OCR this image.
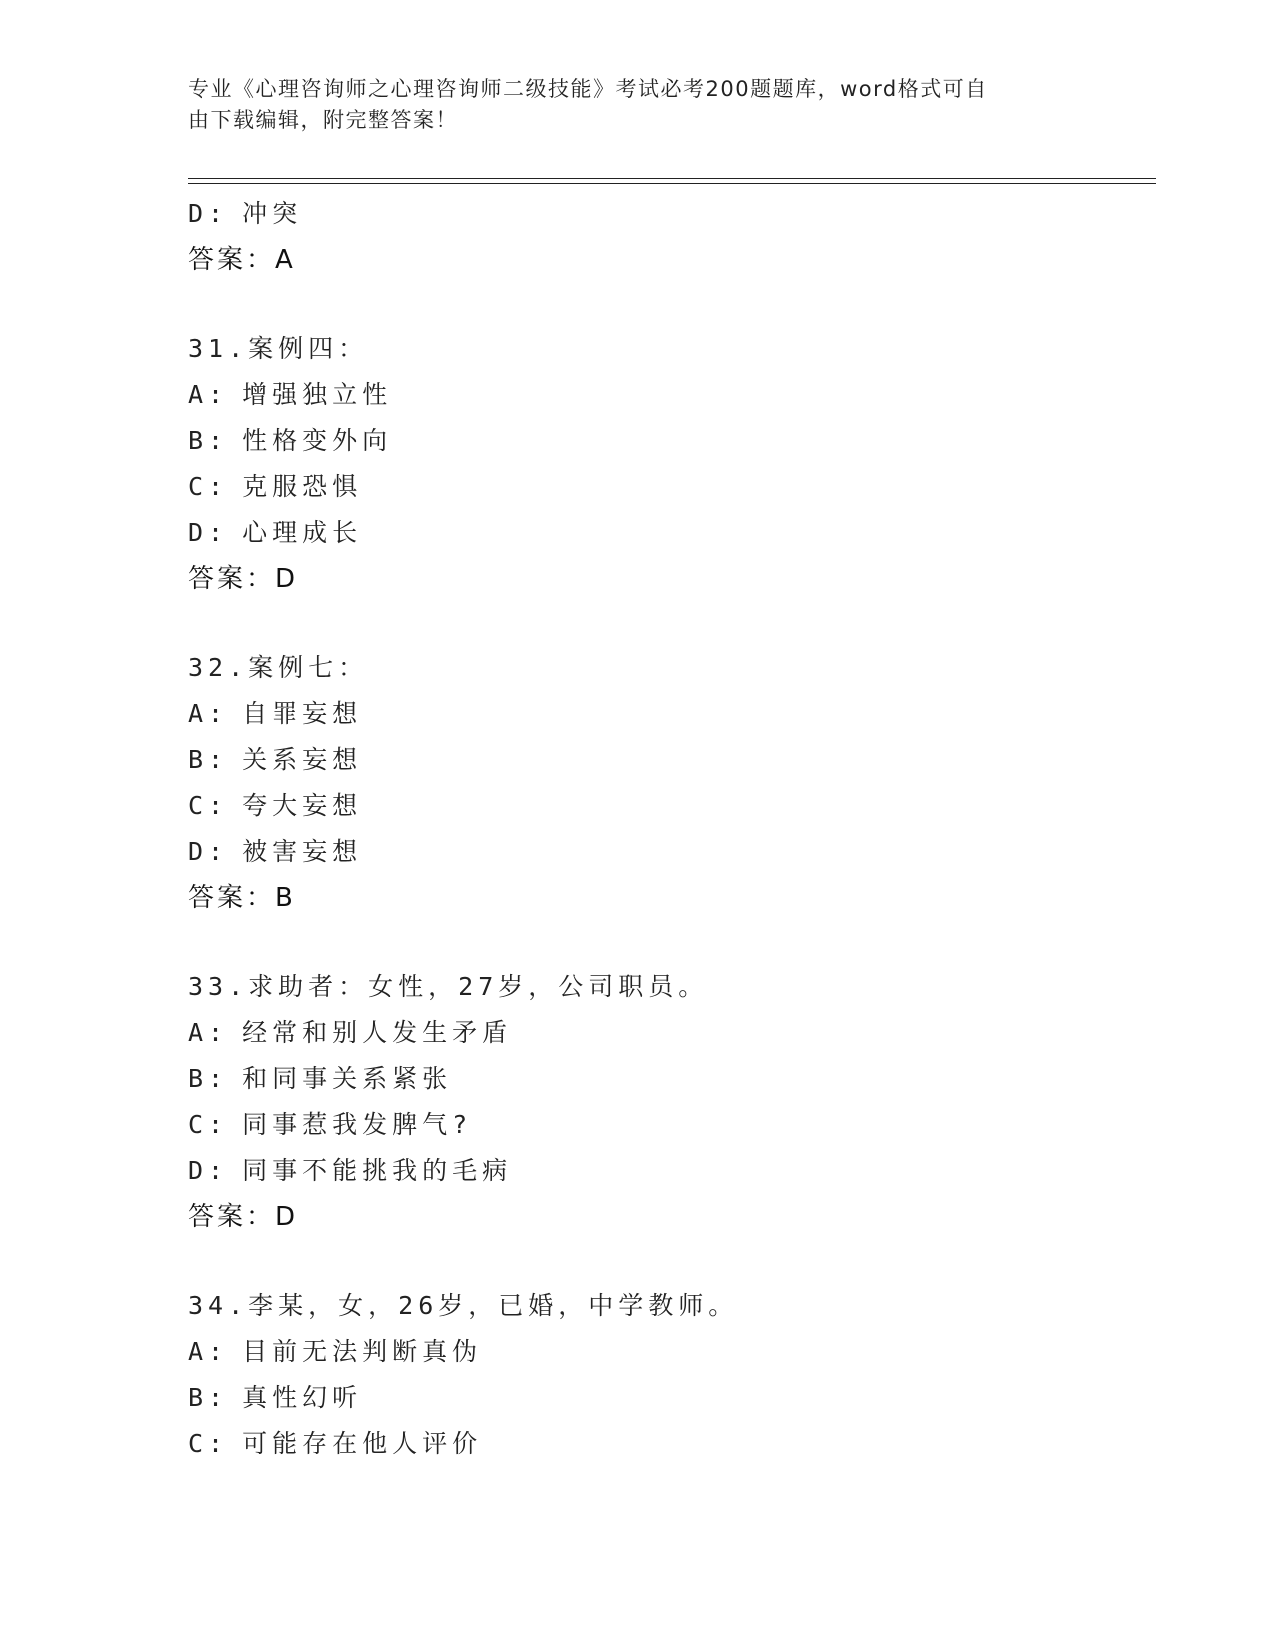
专业《心理咨询师之心理咨询师二级技能》考试必考200题题库，word格式可自
由下载编辑，附完整答案！
D: 冲突
答案：A
31.案例四：
A: 增强独立性
B: 性格变外向
C: 克服恐惧
D: 心理成长
答案：D
32.案例七：
A: 自罪妄想
B: 关系妄想
C: 夸大妄想
D: 被害妄想
答案：B
33.求助者：女性，27岁，公司职员。
A: 经常和别人发生矛盾
B: 和同事关系紧张
C: 同事惹我发脾气?
D: 同事不能挑我的毛病
答案：D
34.李某，女，26岁，已婚，中学教师。
A: 目前无法判断真伪
B: 真性幻听
C: 可能存在他人评价
